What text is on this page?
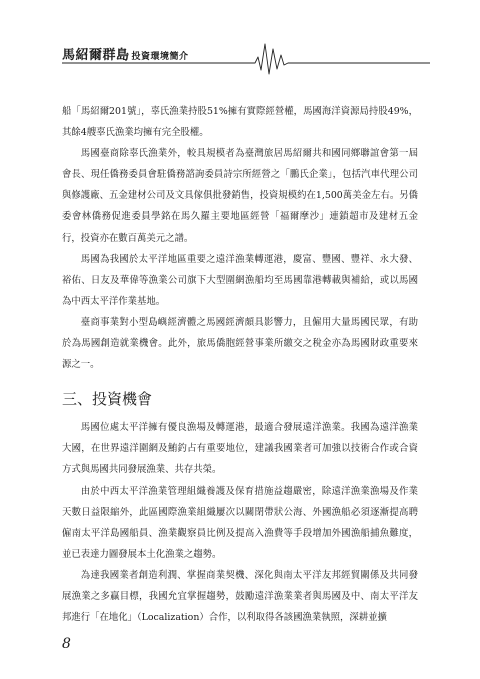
馬紹爾群島 投資環境簡介

船「馬紹爾201號」，辜氏漁業持股51%擁有實際經營權，馬國海洋資源局持股49%，其餘4艘辜氏漁業均擁有完全股權。

馬國臺商除辜氏漁業外，較具規模者為臺灣旅居馬紹爾共和國同鄉聯誼會第一屆會長、現任僑務委員會駐僑務諮詢委員詩宗所經營之「鵬氏企業」，包括汽車代理公司與修護廠、五金建材公司及文具傢俱批發銷售，投資規模約在1,500萬美金左右。另僑委會林僑務促進委員學銘在馬久羅主要地區經營「福爾摩沙」連鎖超市及建材五金行，投資亦在數百萬美元之譜。

馬國為我國於太平洋地區重要之遠洋漁業轉運港，慶富、豐國、豐祥、永大發、裕佑、日友及華偉等漁業公司旗下大型圍網漁船均至馬國靠港轉載與補給，或以馬國為中西太平洋作業基地。

臺商事業對小型島嶼經濟體之馬國經濟頗具影響力，且僱用大量馬國民眾，有助於為馬國創造就業機會。此外，旅馬僑胞經營事業所繳交之稅金亦為馬國財政重要來源之一。

三、投資機會

馬國位處太平洋擁有優良漁場及轉運港，最適合發展遠洋漁業。我國為遠洋漁業大國，在世界遠洋圍網及鮪釣占有重要地位，建議我國業者可加強以技術合作或合資方式與馬國共同發展漁業、共存共榮。

由於中西太平洋漁業管理組織養護及保育措施益趨嚴密，除遠洋漁業漁場及作業天數日益限縮外，此區國際漁業組織屢次以關閉帶狀公海、外國漁船必須逐漸提高聘僱南太平洋島國船員、漁業觀察員比例及提高入漁費等手段增加外國漁船捕魚難度，並已表達力圖發展本土化漁業之趨勢。

為達我國業者創造利潤、掌握商業契機、深化與南太平洋友邦經貿關係及共同發展漁業之多贏目標，我國允宜掌握趨勢，鼓勵遠洋漁業業者與馬國及中、南太平洋友邦進行「在地化」（Localization）合作，以利取得各該國漁業執照，深耕並擴

8
